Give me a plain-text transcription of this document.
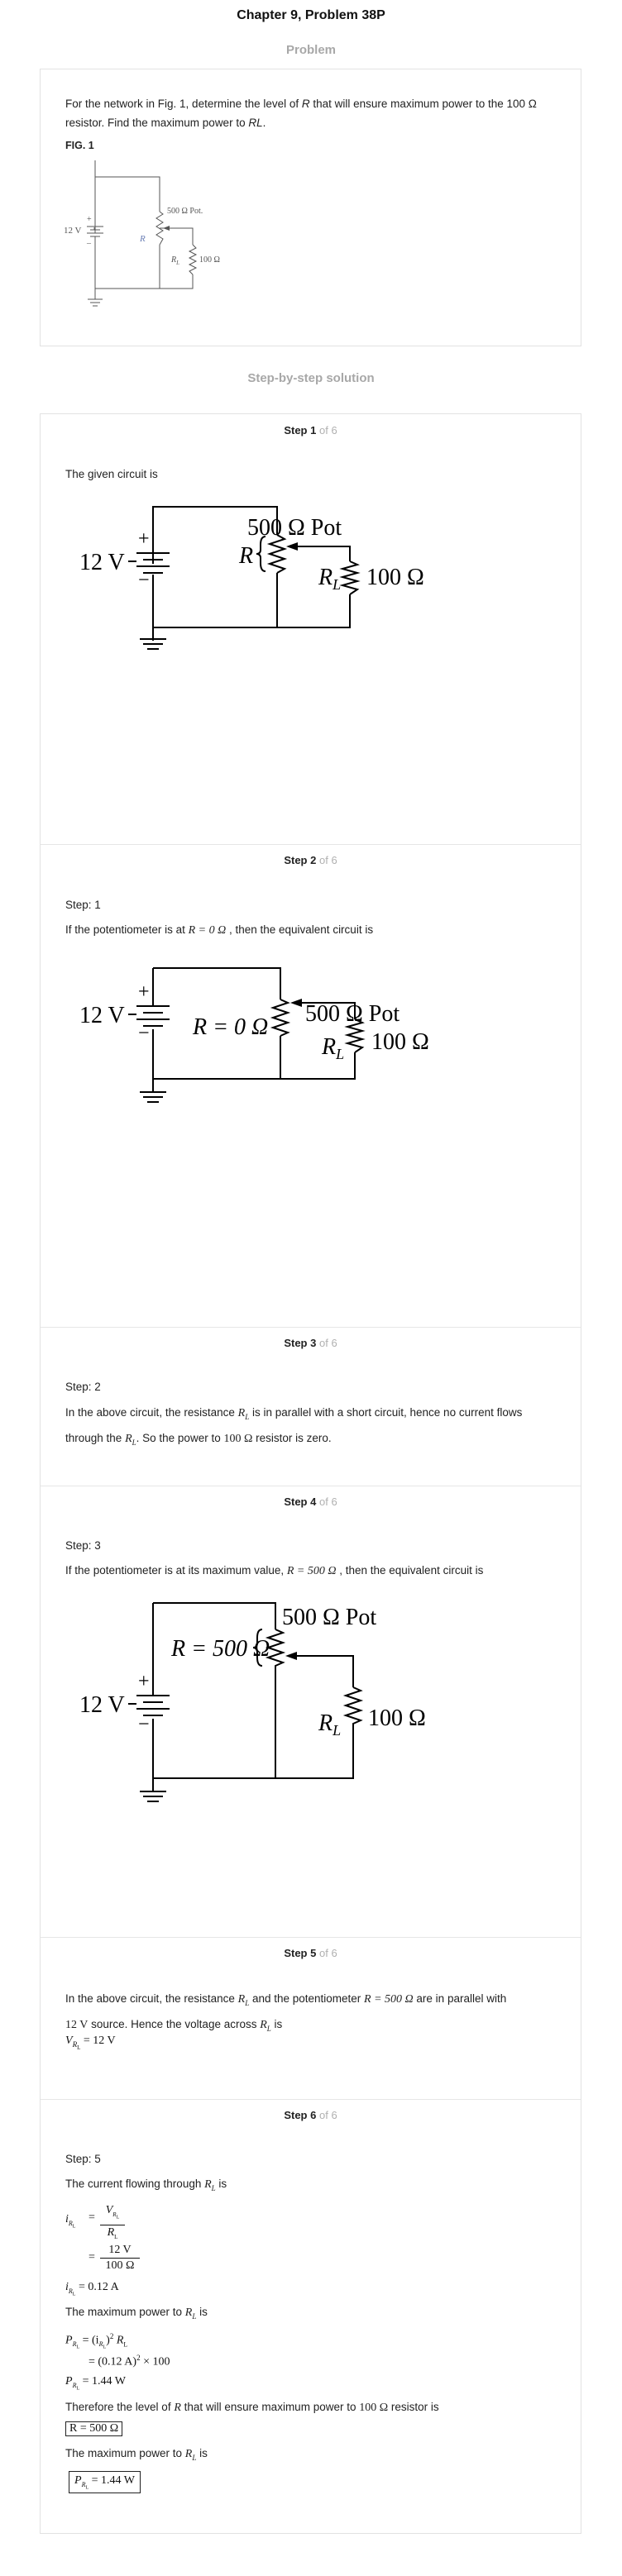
Chapter 9, Problem 38P
Problem
For the network in Fig. 1, determine the level of R that will ensure maximum power to the 100 Ω resistor. Find the maximum power to RL.
FIG. 1
12 V
+
–
500 Ω Pot.
R
$R_L$ 100 Ω
Step-by-step solution
Step 1 of 6
The given circuit is
12 V
+
−
500 Ω Pot
R
$R_L$ 100 Ω
Step 2 of 6
Step: 1
If the potentiometer is at R = 0 Ω , then the equivalent circuit is
12 V
+
−
500 Ω Pot
R = 0 Ω
$R_L$ 100 Ω
Step 3 of 6
Step: 2
In the above circuit, the resistance $R_L$ is in parallel with a short circuit, hence no current flows
through the $R_L$. So the power to 100 Ω resistor is zero.
Step 4 of 6
Step: 3
If the potentiometer is at its maximum value, R = 500 Ω , then the equivalent circuit is
12 V
+
−
500 Ω Pot
R = 500 Ω
$R_L$ 100 Ω
Step 5 of 6
In the above circuit, the resistance $R_L$ and the potentiometer R = 500 Ω are in parallel with
12 V source. Hence the voltage across $R_L$ is
$V_{R_L} = 12$ V
Step 6 of 6
Step: 5
The current flowing through $R_L$ is
$i_{R_L}$
=
$V_{R_L}$
$R_L$
=
12 V
100 Ω
$i_{R_L} = 0.12$ A
The maximum power to $R_L$ is
$P_{R_L} = (i_{R_L})^2$ $R_L$
= (0.12 A)$^2$ × 100
$P_{R_L} = 1.44$ W
Therefore the level of R that will ensure maximum power to 100 Ω resistor is
R = 500 Ω
The maximum power to $R_L$ is
$P_{R_L} = 1.44$ W
